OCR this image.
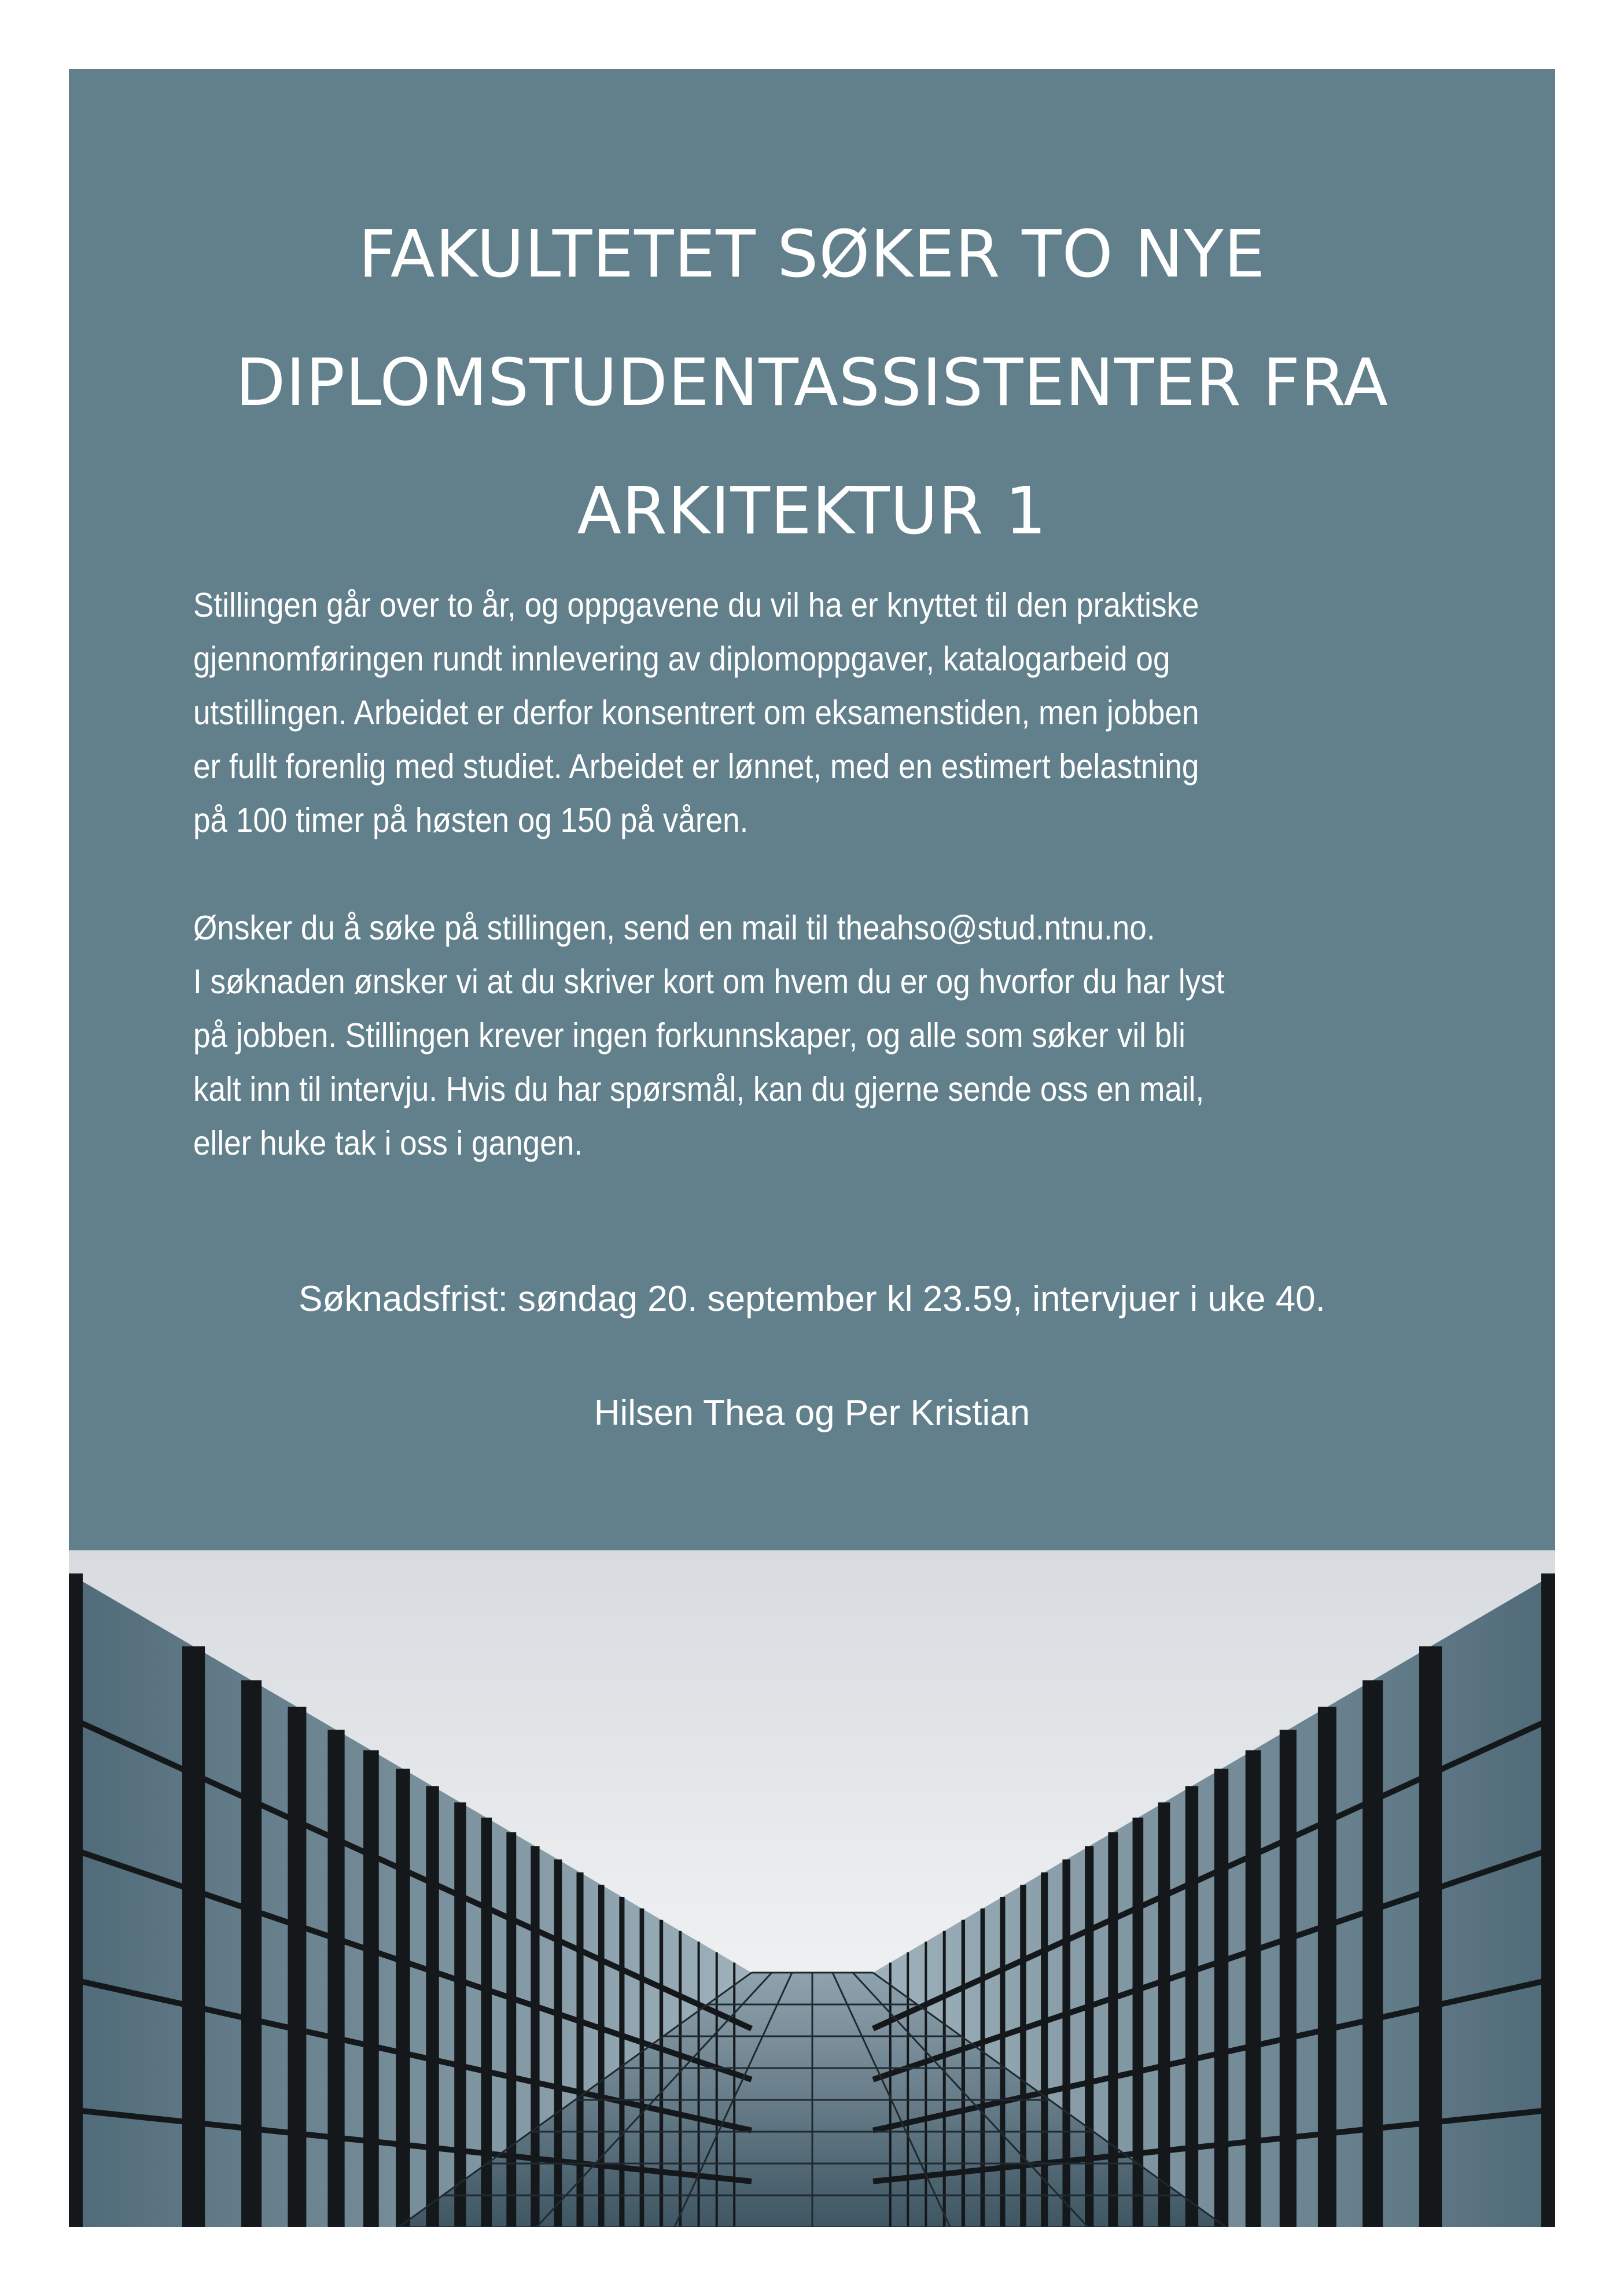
FAKULTETET SØKER TO NYE
DIPLOMSTUDENTASSISTENTER FRA
ARKITEKTUR 1
Stillingen går over to år, og oppgavene du vil ha er knyttet til den praktiske
gjennomføringen rundt innlevering av diplomoppgaver, katalogarbeid og
utstillingen. Arbeidet er derfor konsentrert om eksamenstiden, men jobben
er fullt forenlig med studiet. Arbeidet er lønnet, med en estimert belastning
på 100 timer på høsten og 150 på våren.
Ønsker du å søke på stillingen, send en mail til theahso@stud.ntnu.no.
I søknaden ønsker vi at du skriver kort om hvem du er og hvorfor du har lyst
på jobben. Stillingen krever ingen forkunnskaper, og alle som søker vil bli
kalt inn til intervju. Hvis du har spørsmål, kan du gjerne sende oss en mail,
eller huke tak i oss i gangen.
Søknadsfrist: søndag 20. september kl 23.59, intervjuer i uke 40.
Hilsen Thea og Per Kristian
